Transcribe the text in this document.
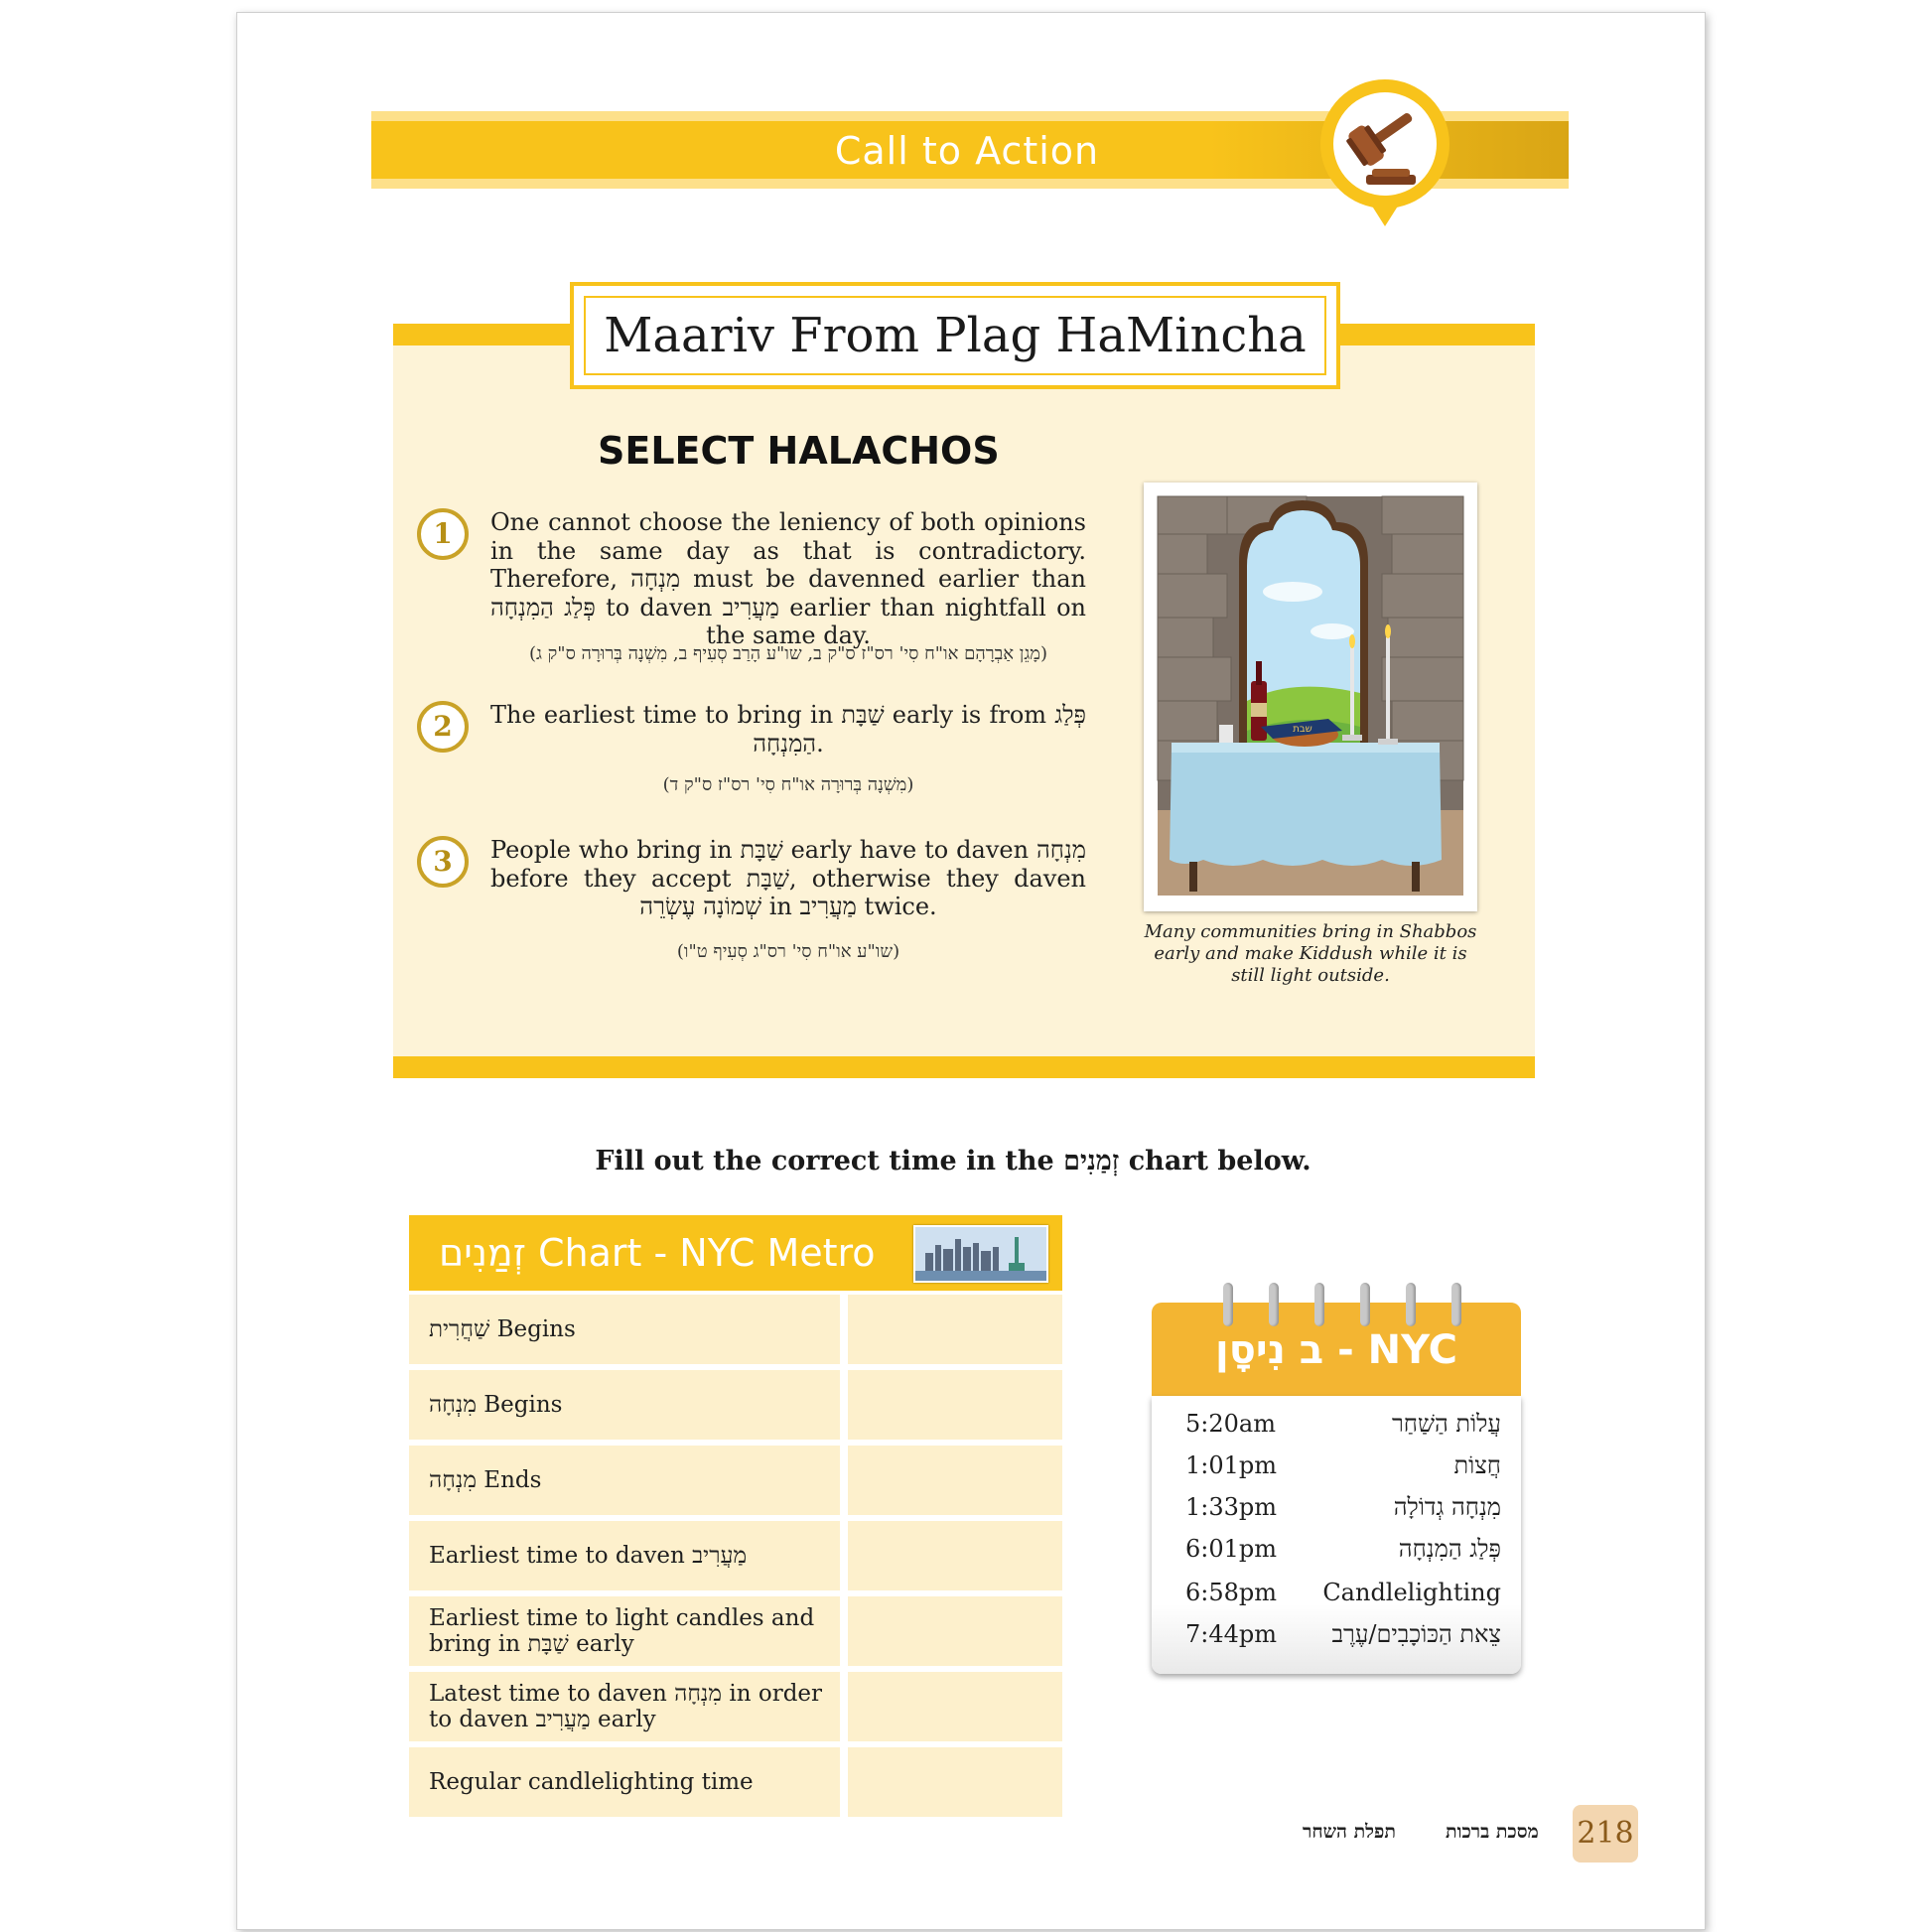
Call to Action
Maariv From Plag HaMincha
SELECT HALACHOS
1	One cannot choose the leniency of both opinions in the same day as that is contradictory. Therefore, מִנְחָה must be davenned earlier than פְּלַג הַמִנְחָה to daven מַעֲרִיב earlier than nightfall on the same day.
(מָגֵן אַבְרָהָם או"ח סִי' רס"ז ס"ק ב, שו"ע הָרַב סְעִיף ב, מִשְׁנָה בְּרוּרָה ס"ק ג)
2	The earliest time to bring in שַׁבָּת early is from פְּלַג הַמִנְחָה.
(מִשְׁנָה בְּרוּרָה או"ח סִי' רס"ז ס"ק ד)
3	People who bring in שַׁבָּת early have to daven מִנְחָה before they accept שַׁבָּת, otherwise they daven שְׁמוֹנָה עֶשְׂרֵה in מַעֲרִיב twice.
(שו"ע או"ח סִי' רס"ג סְעִיף ט"ו)
שבת
Many communities bring in Shabbos early and make Kiddush while it is still light outside.
Fill out the correct time in the זְמַנִים chart below.
זְמַנִים Chart - NYC Metro
שַׁחֲרִית Begins
מִנְחָה Begins
מִנְחָה Ends
Earliest time to daven מַעֲרִיב
Earliest time to light candles and bring in שַׁבָּת early
Latest time to daven מִנְחָה in order to daven מַעֲרִיב early
Regular candlelighting time
ב נִיסָן - NYC
5:20am	עֲלוֹת הַשַׁחַר
1:01pm	חֲצוֹת
1:33pm	מִנְחָה גְדוֹלָה
6:01pm	פְּלַג הַמִנְחָה
6:58pm Candlelighting
7:44pm צֵאת הַכּוֹכָבִים/עֶרֶב
תפלת השחר	מסכת ברכות 218
